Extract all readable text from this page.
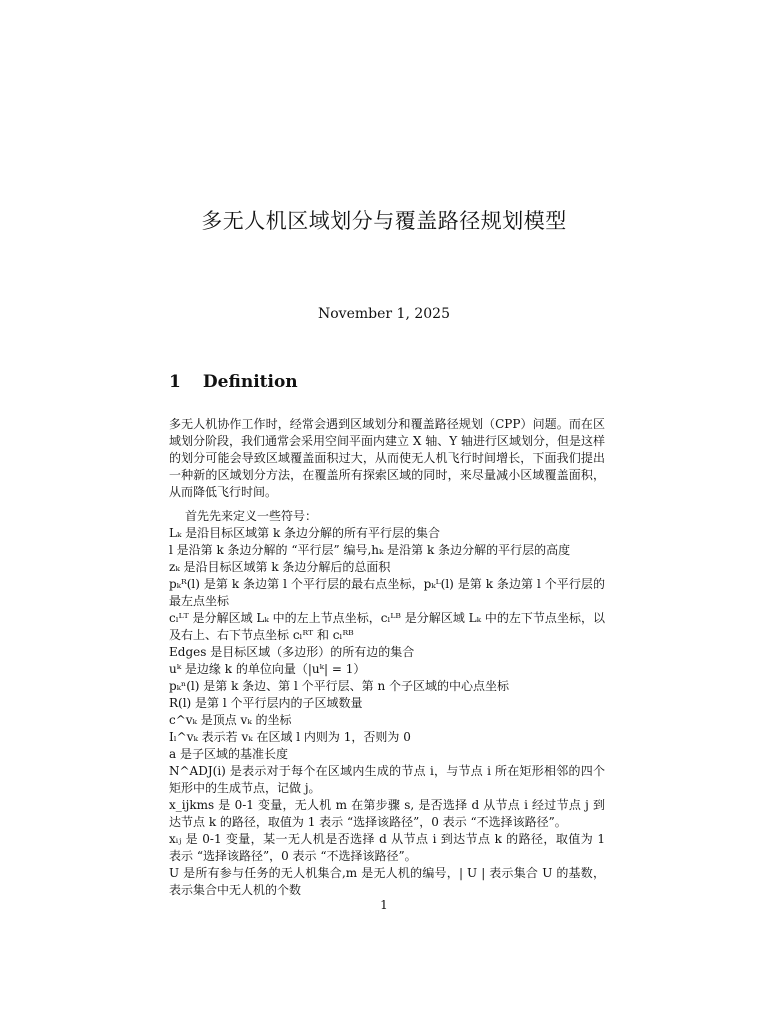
多无人机区域划分与覆盖路径规划模型
November 1, 2025
1 Definition
多无人机协作工作时，经常会遇到区域划分和覆盖路径规划（CPP）问题。而在区域划分阶段，我们通常会采用空间平面内建立 X 轴、Y 轴进行区域划分，但是这样的划分可能会导致区域覆盖面积过大，从而使无人机飞行时间增长，下面我们提出一种新的区域划分方法，在覆盖所有探索区域的同时，来尽量减小区域覆盖面积，从而降低飞行时间。
首先先来定义一些符号：
Lₖ 是沿目标区域第 k 条边分解的所有平行层的集合
l 是沿第 k 条边分解的 “平行层” 编号,hₖ 是沿第 k 条边分解的平行层的高度
zₖ 是沿目标区域第 k 条边分解后的总面积
pₖᴿ(l) 是第 k 条边第 l 个平行层的最右点坐标，pₖᴸ(l) 是第 k 条边第 l 个平行层的最左点坐标
cₗᴸᵀ 是分解区域 Lₖ 中的左上节点坐标，cₗᴸᴮ 是分解区域 Lₖ 中的左下节点坐标，以及右上、右下节点坐标 cₗᴿᵀ 和 cₗᴿᴮ
Edges 是目标区域（多边形）的所有边的集合
uᵏ 是边缘 k 的单位向量（|uᵏ| = 1）
pₖⁿ(l) 是第 k 条边、第 l 个平行层、第 n 个子区域的中心点坐标
R(l) 是第 l 个平行层内的子区域数量
c^vₖ 是顶点 vₖ 的坐标
Iₗ^vₖ 表示若 vₖ 在区域 l 内则为 1，否则为 0
a 是子区域的基准长度
N^ADJ(i) 是表示对于每个在区域内生成的节点 i，与节点 i 所在矩形相邻的四个矩形中的生成节点，记做 j。
x_ijkms 是 0-1 变量，无人机 m 在第步骤 s, 是否选择 d 从节点 i 经过节点 j 到达节点 k 的路径，取值为 1 表示 “选择该路径”，0 表示 “不选择该路径”。
xᵢⱼ 是 0-1 变量，某一无人机是否选择 d 从节点 i 到达节点 k 的路径，取值为 1 表示 “选择该路径”，0 表示 “不选择该路径”。
U 是所有参与任务的无人机集合,m 是无人机的编号，| U | 表示集合 U 的基数，表示集合中无人机的个数
1
